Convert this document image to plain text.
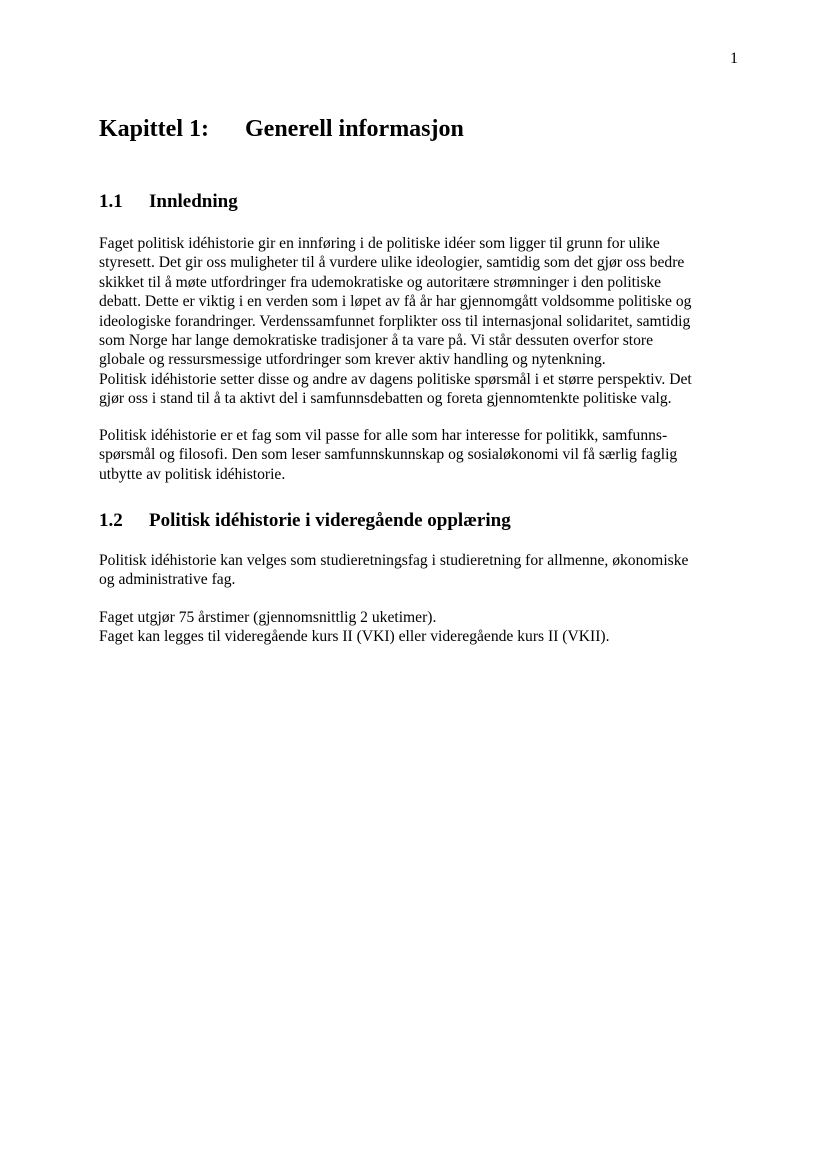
1
Kapittel 1: Generell informasjon
1.1 Innledning
Faget politisk idéhistorie gir en innføring i de politiske idéer som ligger til grunn for ulike
styresett. Det gir oss muligheter til å vurdere ulike ideologier, samtidig som det gjør oss bedre
skikket til å møte utfordringer fra udemokratiske og autoritære strømninger i den politiske
debatt. Dette er viktig i en verden som i løpet av få år har gjennomgått voldsomme politiske og
ideologiske forandringer. Verdenssamfunnet forplikter oss til internasjonal solidaritet, samtidig
som Norge har lange demokratiske tradisjoner å ta vare på. Vi står dessuten overfor store
globale og ressursmessige utfordringer som krever aktiv handling og nytenkning.
Politisk idéhistorie setter disse og andre av dagens politiske spørsmål i et større perspektiv. Det
gjør oss i stand til å ta aktivt del i samfunnsdebatten og foreta gjennomtenkte politiske valg.
Politisk idéhistorie er et fag som vil passe for alle som har interesse for politikk, samfunns-
spørsmål og filosofi. Den som leser samfunnskunnskap og sosialøkonomi vil få særlig faglig
utbytte av politisk idéhistorie.
1.2 Politisk idéhistorie i videregående opplæring
Politisk idéhistorie kan velges som studieretningsfag i studieretning for allmenne, økonomiske
og administrative fag.
Faget utgjør 75 årstimer (gjennomsnittlig 2 uketimer).
Faget kan legges til videregående kurs II (VKI) eller videregående kurs II (VKII).
